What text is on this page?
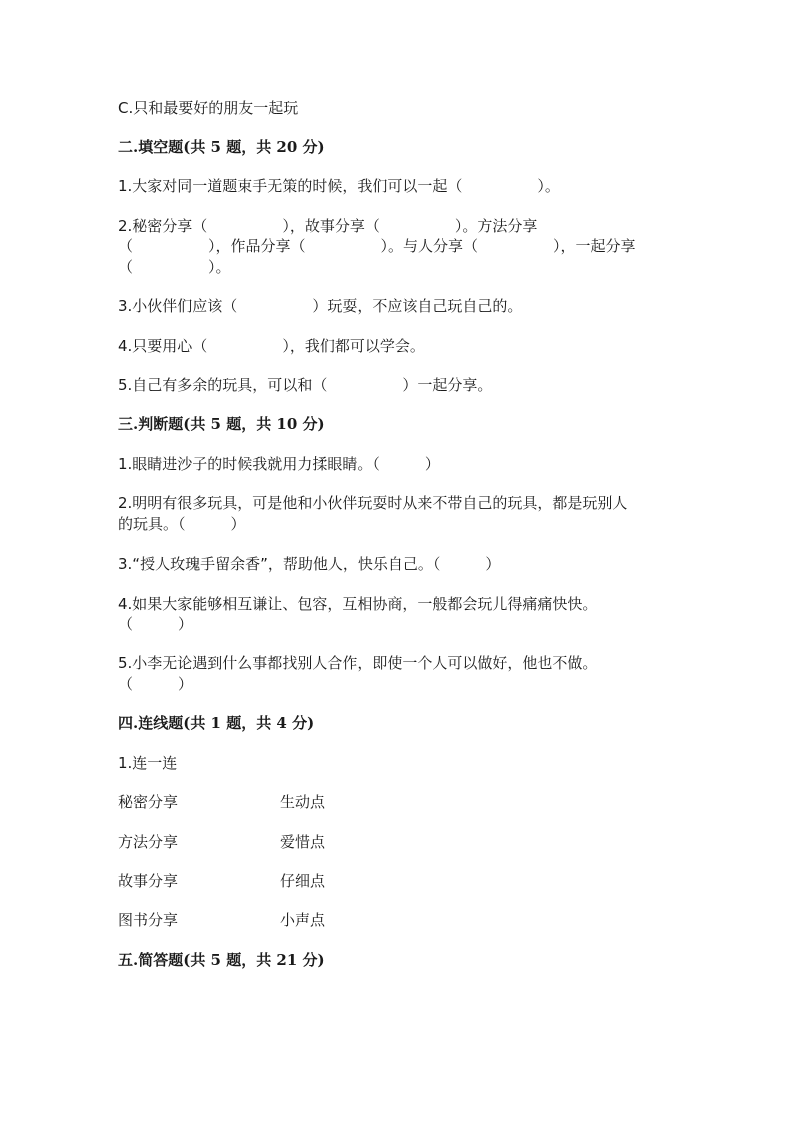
C.只和最要好的朋友一起玩
二.填空题(共 5 题，共 20 分)
1.大家对同一道题束手无策的时候，我们可以一起（　　　　　）。
2.秘密分享（　　　　　），故事分享（　　　　　）。方法分享
（　　　　　），作品分享（　　　　　）。与人分享（　　　　　），一起分享
（　　　　　）。
3.小伙伴们应该（　　　　　）玩耍，不应该自己玩自己的。
4.只要用心（　　　　　），我们都可以学会。
5.自己有多余的玩具，可以和（　　　　　）一起分享。
三.判断题(共 5 题，共 10 分)
1.眼睛进沙子的时候我就用力揉眼睛。（　　　）
2.明明有很多玩具，可是他和小伙伴玩耍时从来不带自己的玩具，都是玩别人
的玩具。（　　　）
3.“授人玫瑰手留余香”，帮助他人，快乐自己。（　　　）
4.如果大家能够相互谦让、包容，互相协商，一般都会玩儿得痛痛快快。
（　　　）
5.小李无论遇到什么事都找别人合作，即使一个人可以做好，他也不做。
（　　　）
四.连线题(共 1 题，共 4 分)
1.连一连
秘密分享	生动点
方法分享	爱惜点
故事分享	仔细点
图书分享	小声点
五.简答题(共 5 题，共 21 分)
